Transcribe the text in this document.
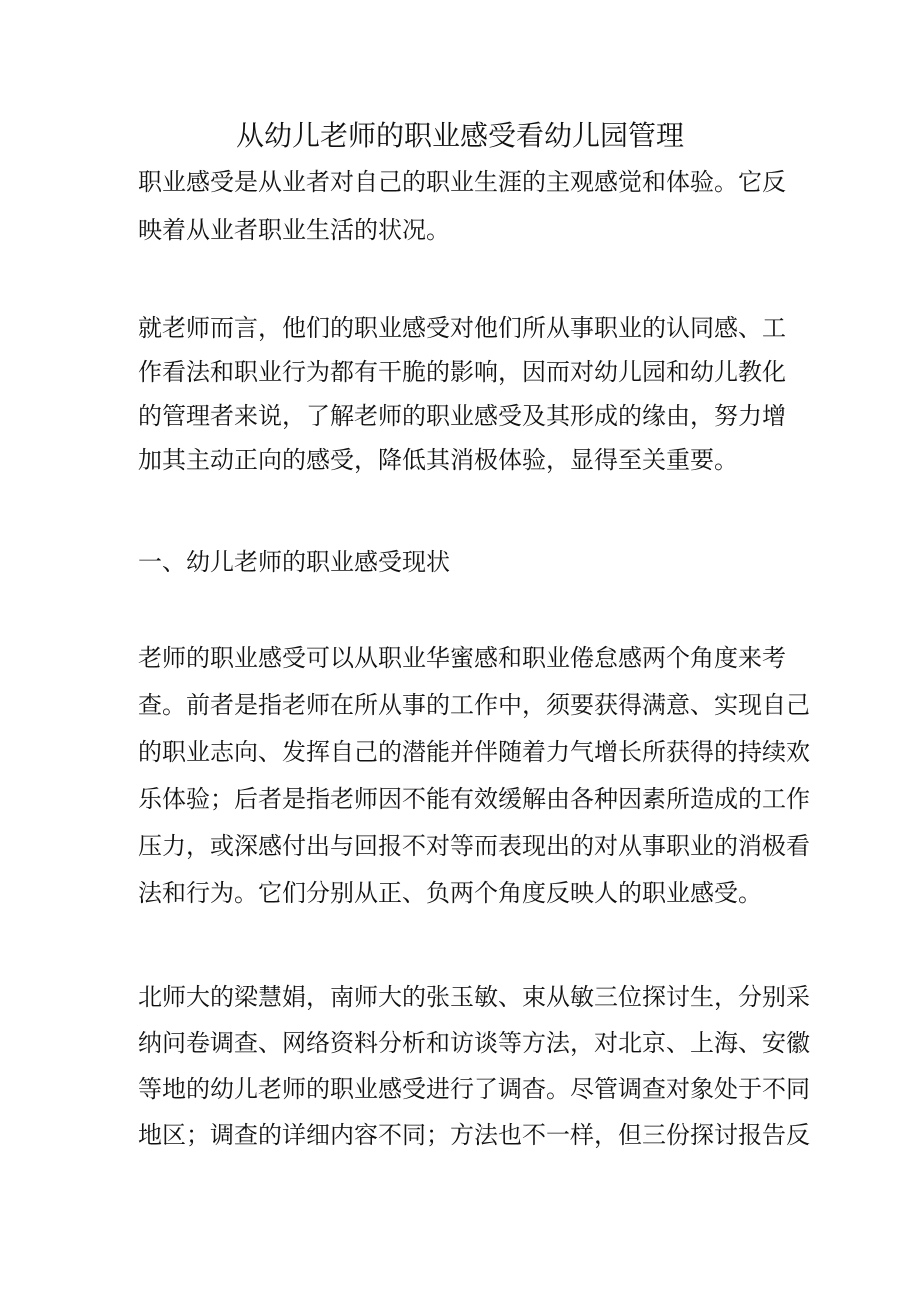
从幼儿老师的职业感受看幼儿园管理
职业感受是从业者对自己的职业生涯的主观感觉和体验。它反
映着从业者职业生活的状况。
就老师而言，他们的职业感受对他们所从事职业的认同感、工
作看法和职业行为都有干脆的影响，因而对幼儿园和幼儿教化
的管理者来说，了解老师的职业感受及其形成的缘由，努力增
加其主动正向的感受，降低其消极体验，显得至关重要。
一、幼儿老师的职业感受现状
老师的职业感受可以从职业华蜜感和职业倦怠感两个角度来考
查。前者是指老师在所从事的工作中，须要获得满意、实现自己
的职业志向、发挥自己的潜能并伴随着力气增长所获得的持续欢
乐体验；后者是指老师因不能有效缓解由各种因素所造成的工作
压力，或深感付出与回报不对等而表现出的对从事职业的消极看
法和行为。它们分别从正、负两个角度反映人的职业感受。
北师大的梁慧娟，南师大的张玉敏、束从敏三位探讨生，分别采
纳问卷调查、网络资料分析和访谈等方法，对北京、上海、安徽
等地的幼儿老师的职业感受进行了调杳。尽管调查对象处于不同
地区；调查的详细内容不同；方法也不一样，但三份探讨报告反
